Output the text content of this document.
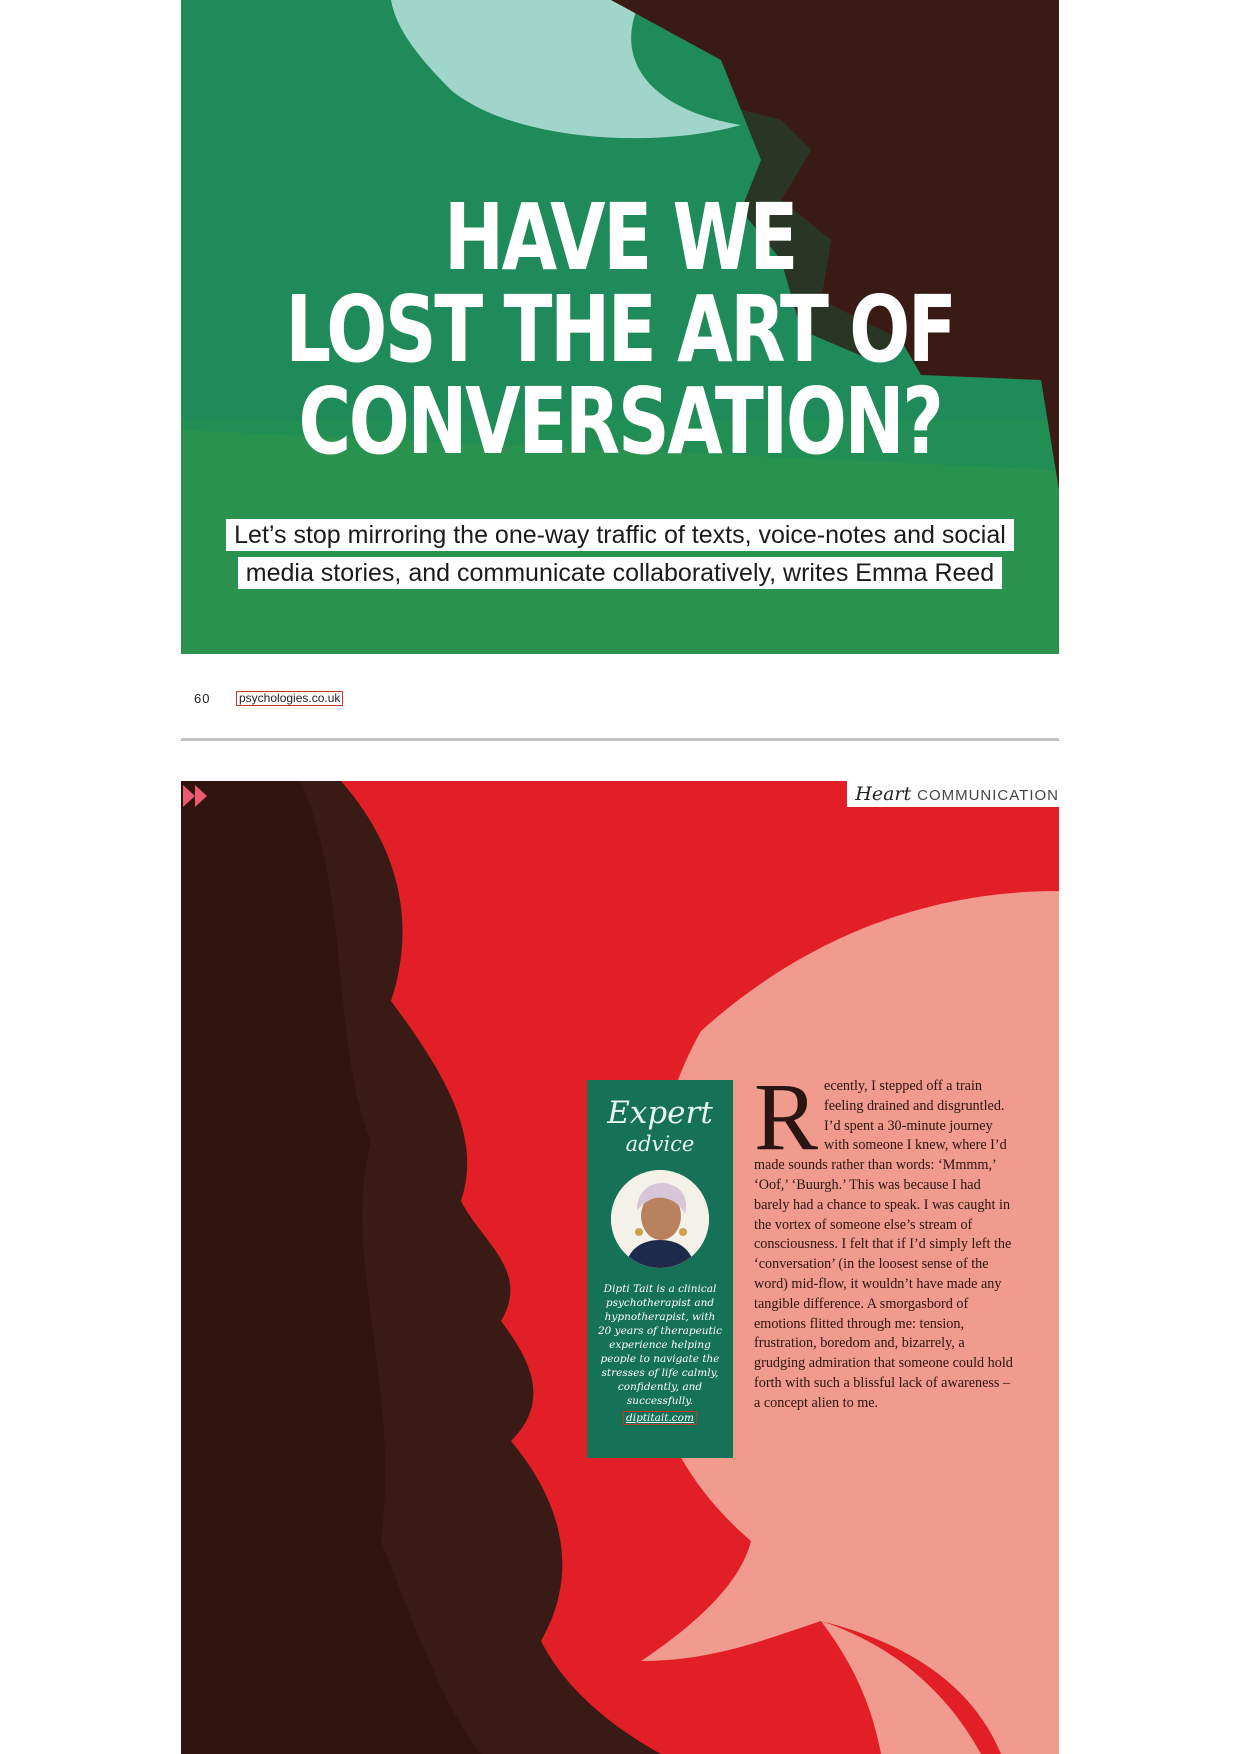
HAVE WE
LOST THE ART OF
CONVERSATION?
Let’s stop mirroring the one-way traffic of texts, voice-notes and social media stories, and communicate collaboratively, writes Emma Reed
60 psychologies.co.uk
Heart COMMUNICATION
Expert
advice
Dipti Tait is a clinical psychotherapist and hypnotherapist, with 20 years of therapeutic experience helping people to navigate the stresses of life calmly, confidently, and successfully.
diptitait.com

Recently, I stepped off a train feeling drained and disgruntled. I’d spent a 30-minute journey with someone I knew, where I’d made sounds rather than words: ‘Mmmm,’ ‘Oof,’ ‘Buurgh.’ This was because I had barely had a chance to speak. I was caught in the vortex of someone else’s stream of consciousness. I felt that if I’d simply left the ‘conversation’ (in the loosest sense of the word) mid-flow, it wouldn’t have made any tangible difference. A smorgasbord of emotions flitted through me: tension, frustration, boredom and, bizarrely, a grudging admiration that someone could hold forth with such a blissful lack of awareness – a concept alien to me.
